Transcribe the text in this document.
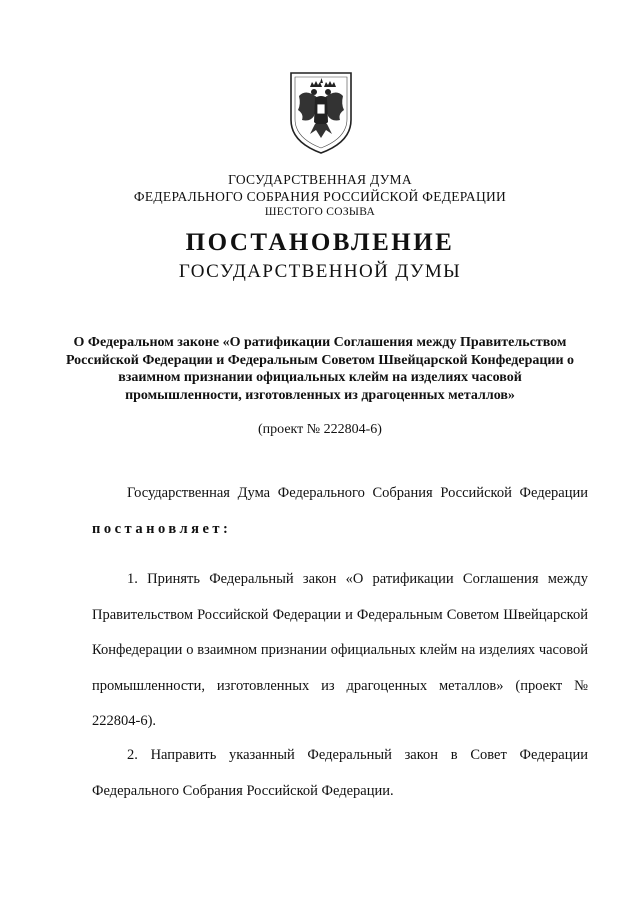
ГОСУДАРСТВЕННАЯ ДУМА
ФЕДЕРАЛЬНОГО СОБРАНИЯ РОССИЙСКОЙ ФЕДЕРАЦИИ
ШЕСТОГО СОЗЫВА
ПОСТАНОВЛЕНИЕ
ГОСУДАРСТВЕННОЙ ДУМЫ
О Федеральном законе «О ратификации Соглашения между Правительством Российской Федерации и Федеральным Советом Швейцарской Конфедерации о взаимном признании официальных клейм на изделиях часовой промышленности, изготовленных из драгоценных металлов»
(проект № 222804-6)
Государственная Дума Федерального Собрания Российской Федерации постановляет:
1. Принять Федеральный закон «О ратификации Соглашения между Правительством Российской Федерации и Федеральным Советом Швейцарской Конфедерации о взаимном признании официальных клейм на изделиях часовой промышленности, изготовленных из драгоценных металлов» (проект № 222804-6).
2. Направить указанный Федеральный закон в Совет Федерации Федерального Собрания Российской Федерации.
